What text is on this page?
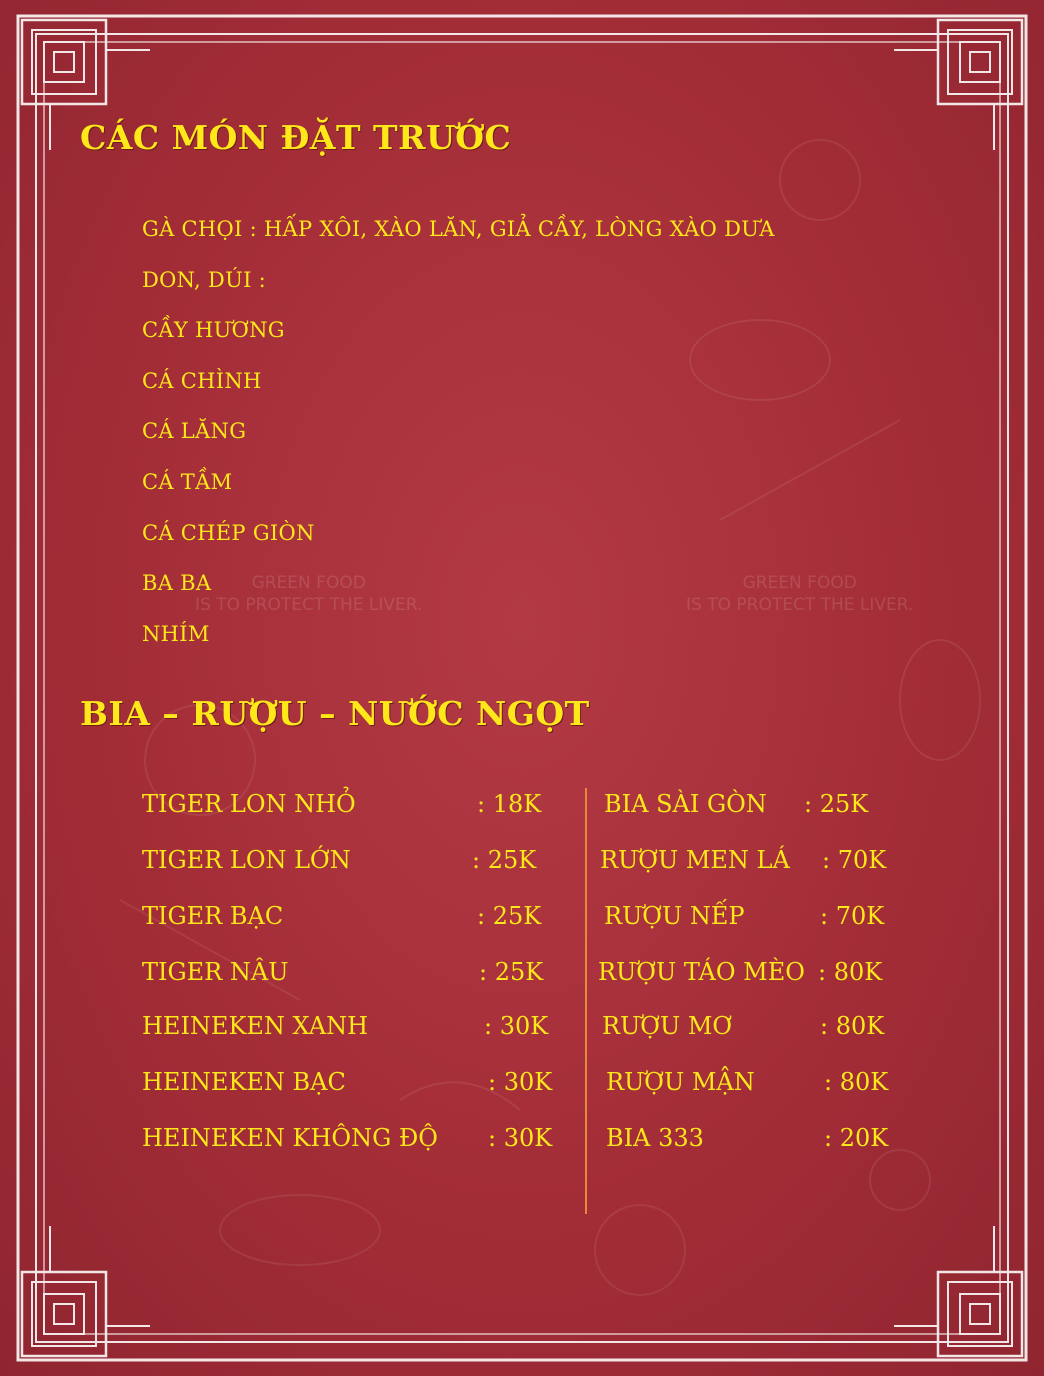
GREEN FOOD
IS TO PROTECT THE LIVER.
GREEN FOOD
IS TO PROTECT THE LIVER.
CÁC MÓN ĐẶT TRƯỚC
GÀ CHỌI : HẤP XÔI, XÀO LĂN, GIẢ CẦY, LÒNG XÀO DƯA
DON, DÚI :
CẦY HƯƠNG
CÁ CHÌNH
CÁ LĂNG
CÁ TẦM
CÁ CHÉP GIÒN
BA BA
NHÍM
BIA – RƯỢU – NƯỚC NGỌT
TIGER LON NHỎ	: 18K
TIGER LON LỚN	: 25K
TIGER BẠC	: 25K
TIGER NÂU	: 25K
HEINEKEN XANH	: 30K
HEINEKEN BẠC	: 30K
HEINEKEN KHÔNG ĐỘ : 30K
BIA SÀI GÒN : 25K
RƯỢU MEN LÁ : 70K
RƯỢU NẾP	: 70K
RƯỢU TÁO MÈO : 80K
RƯỢU MƠ	: 80K
RƯỢU MẬN	: 80K
BIA 333	: 20K
